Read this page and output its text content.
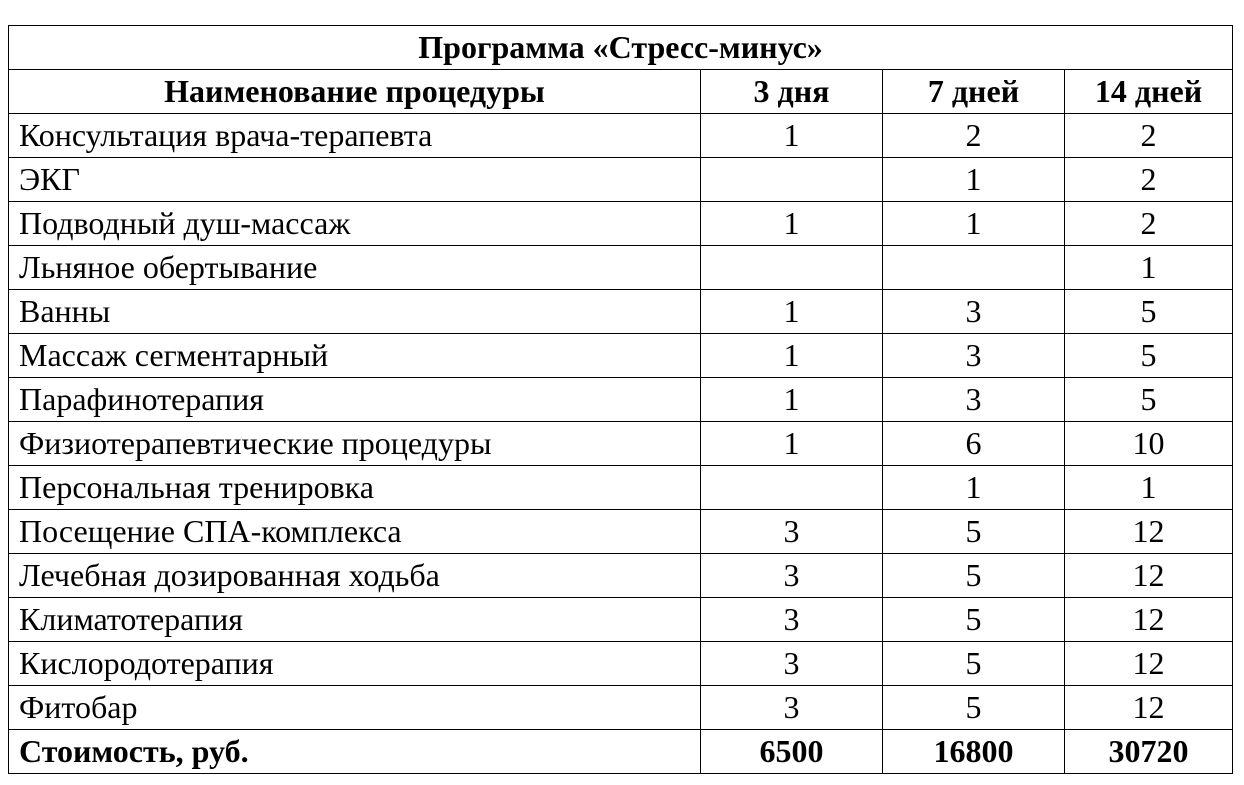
Программа «Стресс-минус»			
Наименование процедуры	3 дня	7 дней	14 дней
Консультация врача-терапевта	1	2	2
ЭКГ		1	2
Подводный душ-массаж	1	1	2
Льняное обертывание			1
Ванны	1	3	5
Массаж сегментарный	1	3	5
Парафинотерапия	1	3	5
Физиотерапевтические процедуры	1	6	10
Персональная тренировка		1	1
Посещение СПА-комплекса	3	5	12
Лечебная дозированная ходьба	3	5	12
Климатотерапия	3	5	12
Кислородотерапия	3	5	12
Фитобар	3	5	12
Стоимость, руб.	6500	16800	30720
